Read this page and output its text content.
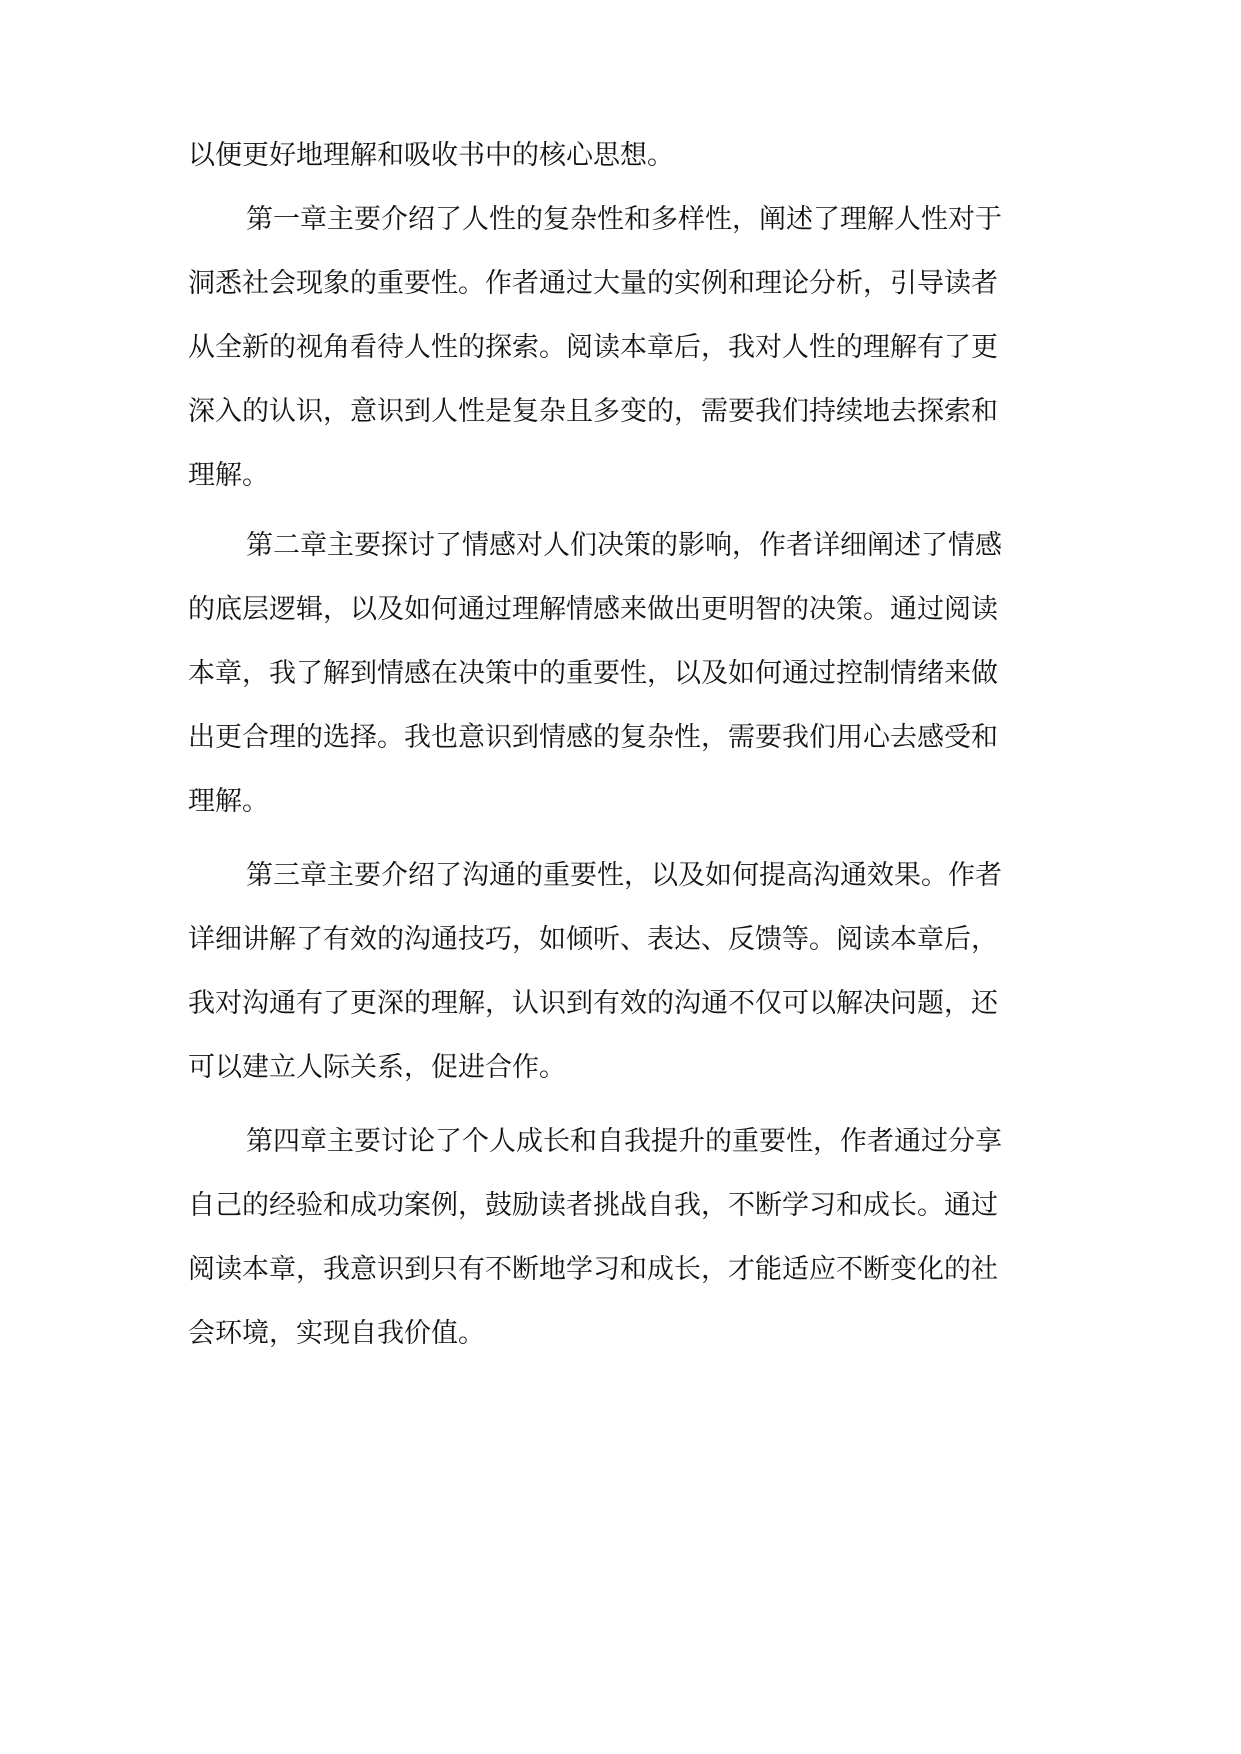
以便更好地理解和吸收书中的核心思想。
第一章主要介绍了人性的复杂性和多样性，阐述了理解人性对于
洞悉社会现象的重要性。作者通过大量的实例和理论分析，引导读者
从全新的视角看待人性的探索。阅读本章后，我对人性的理解有了更
深入的认识，意识到人性是复杂且多变的，需要我们持续地去探索和
理解。
第二章主要探讨了情感对人们决策的影响，作者详细阐述了情感
的底层逻辑，以及如何通过理解情感来做出更明智的决策。通过阅读
本章，我了解到情感在决策中的重要性，以及如何通过控制情绪来做
出更合理的选择。我也意识到情感的复杂性，需要我们用心去感受和
理解。
第三章主要介绍了沟通的重要性，以及如何提高沟通效果。作者
详细讲解了有效的沟通技巧，如倾听、表达、反馈等。阅读本章后，
我对沟通有了更深的理解，认识到有效的沟通不仅可以解决问题，还
可以建立人际关系，促进合作。
第四章主要讨论了个人成长和自我提升的重要性，作者通过分享
自己的经验和成功案例，鼓励读者挑战自我，不断学习和成长。通过
阅读本章，我意识到只有不断地学习和成长，才能适应不断变化的社
会环境，实现自我价值。
